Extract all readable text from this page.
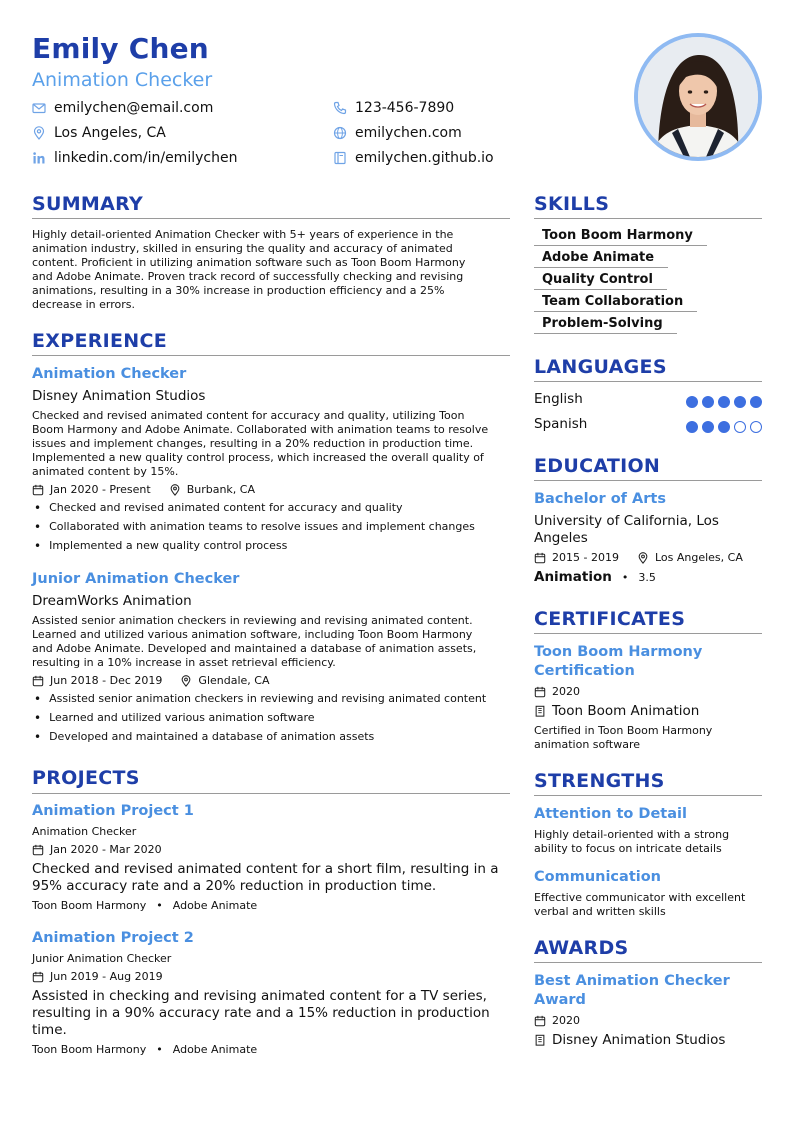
Emily Chen
Animation Checker
emilychen@email.com	123-456-7890
Los Angeles, CA	emilychen.com
linkedin.com/in/emilychen	emilychen.github.io
SUMMARY
Highly detail-oriented Animation Checker with 5+ years of experience in the
animation industry, skilled in ensuring the quality and accuracy of animated
content. Proficient in utilizing animation software such as Toon Boom Harmony
and Adobe Animate. Proven track record of successfully checking and revising
animations, resulting in a 30% increase in production efficiency and a 25%
decrease in errors.
EXPERIENCE
Animation Checker
Disney Animation Studios
Checked and revised animated content for accuracy and quality, utilizing Toon
Boom Harmony and Adobe Animate. Collaborated with animation teams to resolve
issues and implement changes, resulting in a 20% reduction in production time.
Implemented a new quality control process, which increased the overall quality of
animated content by 15%.
Jan 2020 - Present	Burbank, CA
• Checked and revised animated content for accuracy and quality
• Collaborated with animation teams to resolve issues and implement changes
• Implemented a new quality control process
Junior Animation Checker
DreamWorks Animation
Assisted senior animation checkers in reviewing and revising animated content.
Learned and utilized various animation software, including Toon Boom Harmony
and Adobe Animate. Developed and maintained a database of animation assets,
resulting in a 10% increase in asset retrieval efficiency.
Jun 2018 - Dec 2019	Glendale, CA
• Assisted senior animation checkers in reviewing and revising animated content
• Learned and utilized various animation software
• Developed and maintained a database of animation assets
PROJECTS
Animation Project 1
Animation Checker
Jan 2020 - Mar 2020
Checked and revised animated content for a short film, resulting in a
95% accuracy rate and a 20% reduction in production time.
Toon Boom Harmony • Adobe Animate
Animation Project 2
Junior Animation Checker
Jun 2019 - Aug 2019
Assisted in checking and revising animated content for a TV series,
resulting in a 90% accuracy rate and a 15% reduction in production
time.
Toon Boom Harmony • Adobe Animate
SKILLS
Toon Boom Harmony
Adobe Animate
Quality Control
Team Collaboration
Problem-Solving
LANGUAGES
English
Spanish
EDUCATION
Bachelor of Arts
University of California, Los
Angeles
2015 - 2019	Los Angeles, CA
Animation • 3.5
CERTIFICATES
Toon Boom Harmony
Certification
2020
Toon Boom Animation
Certified in Toon Boom Harmony
animation software
STRENGTHS
Attention to Detail
Highly detail-oriented with a strong
ability to focus on intricate details
Communication
Effective communicator with excellent
verbal and written skills
AWARDS
Best Animation Checker
Award
2020
Disney Animation Studios
